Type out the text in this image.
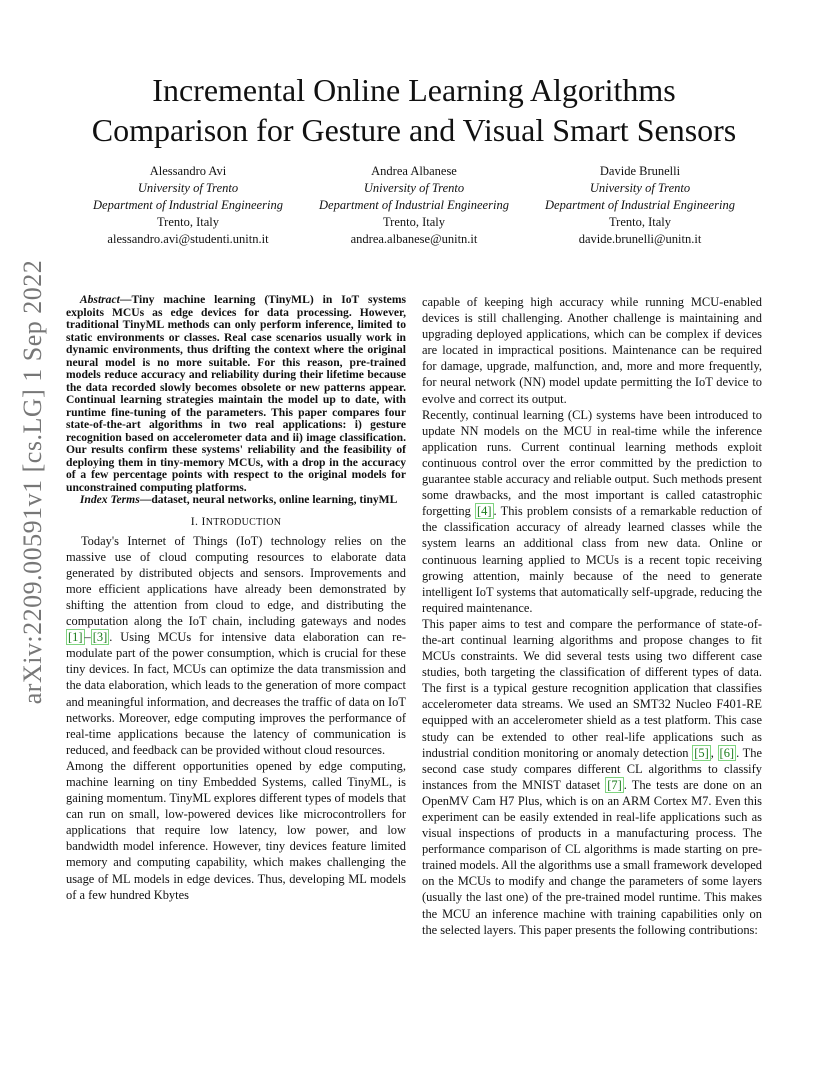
Incremental Online Learning Algorithms
Comparison for Gesture and Visual Smart Sensors
Alessandro Avi
University of Trento
Department of Industrial Engineering
Trento, Italy
alessandro.avi@studenti.unitn.it
Andrea Albanese
University of Trento
Department of Industrial Engineering
Trento, Italy
andrea.albanese@unitn.it
Davide Brunelli
University of Trento
Department of Industrial Engineering
Trento, Italy
davide.brunelli@unitn.it
arXiv:2209.00591v1 [cs.LG] 1 Sep 2022	Abstract—Tiny machine learning (TinyML) in IoT systems exploits MCUs as edge devices for data processing. However, traditional TinyML methods can only perform inference, limited to static environments or classes. Real case scenarios usually work in dynamic environments, thus drifting the context where the original neural model is no more suitable. For this reason, pre-trained models reduce accuracy and reliability during their lifetime because the data recorded slowly becomes obsolete or new patterns appear. Continual learning strategies maintain the model up to date, with runtime fine-tuning of the parameters. This paper compares four state-of-the-art algorithms in two real applications: i) gesture recognition based on accelerometer data and ii) image classification. Our results confirm these systems' reliability and the feasibility of deploying them in tiny-memory MCUs, with a drop in the accuracy of a few percentage points with respect to the original models for unconstrained computing platforms.

Index Terms—dataset, neural networks, online learning, tinyML

I. INTRODUCTION

Today's Internet of Things (IoT) technology relies on the massive use of cloud computing resources to elaborate data generated by distributed objects and sensors. Improvements and more efficient applications have already been demonstrated by shifting the attention from cloud to edge, and distributing the computation along the IoT chain, including gateways and nodes [1] – [3] . Using MCUs for intensive data elaboration can re-modulate part of the power consumption, which is crucial for these tiny devices. In fact, MCUs can optimize the data transmission and the data elaboration, which leads to the generation of more compact and meaningful information, and decreases the traffic of data on IoT networks. Moreover, edge computing improves the performance of real-time applications because the latency of communication is reduced, and feedback can be provided without cloud resources.

Among the different opportunities opened by edge computing, machine learning on tiny Embedded Systems, called TinyML, is gaining momentum. TinyML explores different types of models that can run on small, low-powered devices like microcontrollers for applications that require low latency, low power, and low bandwidth model inference. However, tiny devices feature limited memory and computing capability, which makes challenging the usage of ML models in edge devices. Thus, developing ML models of a few hundred Kbytes

capable of keeping high accuracy while running MCU-enabled devices is still challenging. Another challenge is maintaining and upgrading deployed applications, which can be complex if devices are located in impractical positions. Maintenance can be required for damage, upgrade, malfunction, and, more and more frequently, for neural network (NN) model update permitting the IoT device to evolve and correct its output.

Recently, continual learning (CL) systems have been introduced to update NN models on the MCU in real-time while the inference application runs. Current continual learning methods exploit continuous control over the error committed by the prediction to guarantee stable accuracy and reliable output. Such methods present some drawbacks, and the most important is called catastrophic forgetting [4] . This problem consists of a remarkable reduction of the classification accuracy of already learned classes while the system learns an additional class from new data. Online or continuous learning applied to MCUs is a recent topic receiving growing attention, mainly because of the need to generate intelligent IoT systems that automatically self-upgrade, reducing the required maintenance.

This paper aims to test and compare the performance of state-of-the-art continual learning algorithms and propose changes to fit MCUs constraints. We did several tests using two different case studies, both targeting the classification of different types of data. The first is a typical gesture recognition application that classifies accelerometer data streams. We used an SMT32 Nucleo F401-RE equipped with an accelerometer shield as a test platform. This case study can be extended to other real-life applications such as industrial condition monitoring or anomaly detection [5] , [6] . The second case study compares different CL algorithms to classify instances from the MNIST dataset [7] . The tests are done on an OpenMV Cam H7 Plus, which is on an ARM Cortex M7. Even this experiment can be easily extended in real-life applications such as visual inspections of products in a manufacturing process. The performance comparison of CL algorithms is made starting on pre-trained models. All the algorithms use a small framework developed on the MCUs to modify and change the parameters of some layers (usually the last one) of the pre-trained model runtime. This makes the MCU an inference machine with training capabilities only on the selected layers. This paper presents the following contributions:
